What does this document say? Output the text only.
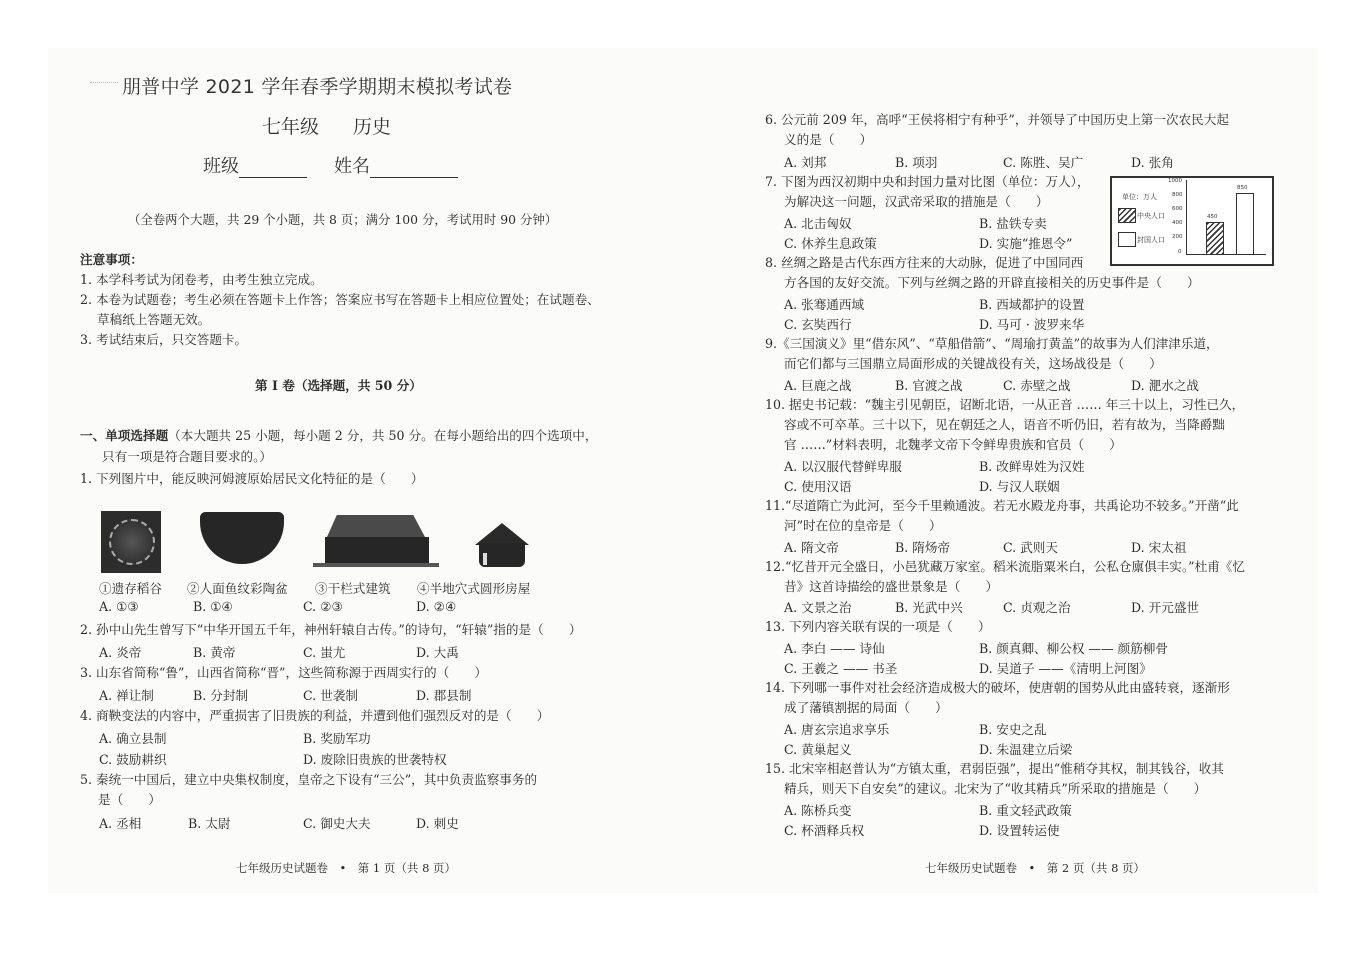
朋普中学 2021 学年春季学期期末模拟考试卷
七年级 历史
班级	姓名
（全卷两个大题，共 29 个小题，共 8 页；满分 100 分，考试用时 90 分钟）
注意事项：
1. 本学科考试为闭卷考，由考生独立完成。
2. 本卷为试题卷；考生必须在答题卡上作答；答案应书写在答题卡上相应位置处；在试题卷、
草稿纸上答题无效。
3. 考试结束后，只交答题卡。
第 I 卷（选择题，共 50 分）
一、单项选择题（本大题共 25 小题，每小题 2 分，共 50 分。在每小题给出的四个选项中，
只有一项是符合题目要求的。）
1. 下列图片中，能反映河姆渡原始居民文化特征的是（　　）
①遗存稻谷 ②人面鱼纹彩陶盆 ③干栏式建筑 ④半地穴式圆形房屋
A. ①③	B. ①④	C. ②③	D. ②④
2. 孙中山先生曾写下“中华开国五千年，神州轩辕自古传。”的诗句，“轩辕”指的是（　　）
A. 炎帝	B. 黄帝	C. 蚩尤	D. 大禹
3. 山东省简称“鲁”，山西省简称“晋”，这些简称源于西周实行的（　　）
A. 禅让制	B. 分封制	C. 世袭制	D. 郡县制
4. 商鞅变法的内容中，严重损害了旧贵族的利益，并遭到他们强烈反对的是（　　）
A. 确立县制	B. 奖励军功
C. 鼓励耕织	D. 废除旧贵族的世袭特权
5. 秦统一中国后，建立中央集权制度，皇帝之下设有“三公”，其中负责监察事务的
是（　　）
A. 丞相	B. 太尉	C. 御史大夫	D. 刺史
七年级历史试题卷　•　第 1 页（共 8 页）
6. 公元前 209 年，高呼“王侯将相宁有种乎”，并领导了中国历史上第一次农民大起
义的是（　　）
A. 刘邦	B. 项羽	C. 陈胜、吴广	D. 张角
7. 下图为西汉初期中央和封国力量对比图（单位：万人），
为解决这一问题，汉武帝采取的措施是（　　）
A. 北击匈奴	B. 盐铁专卖
C. 休养生息政策	D. 实施“推恩令”
单位：万人
中央人口
封国人口
1000
800
600
400
200
0
450
850
8. 丝绸之路是古代东西方往来的大动脉，促进了中国同西
方各国的友好交流。下列与丝绸之路的开辟直接相关的历史事件是（　　）
A. 张骞通西域	B. 西域都护的设置
C. 玄奘西行	D. 马可 · 波罗来华
9.《三国演义》里“借东风”、“草船借箭”、“周瑜打黄盖”的故事为人们津津乐道，
而它们都与三国鼎立局面形成的关键战役有关，这场战役是（　　）
A. 巨鹿之战	B. 官渡之战	C. 赤壁之战	D. 淝水之战
10. 据史书记载：“魏主引见朝臣，诏断北语，一从正音 …… 年三十以上，习性已久，
容或不可卒革。三十以下，见在朝廷之人，语音不听仍旧，若有故为，当降爵黜
官 ……”材料表明，北魏孝文帝下令鲜卑贵族和官员（　　）
A. 以汉服代替鲜卑服	B. 改鲜卑姓为汉姓
C. 使用汉语	D. 与汉人联姻
11.“尽道隋亡为此河，至今千里赖通波。若无水殿龙舟事，共禹论功不较多。”开凿“此
河”时在位的皇帝是（　　）
A. 隋文帝	B. 隋炀帝	C. 武则天	D. 宋太祖
12.“忆昔开元全盛日，小邑犹藏万家室。稻米流脂粟米白，公私仓廪俱丰实。”杜甫《忆
昔》这首诗描绘的盛世景象是（　　）
A. 文景之治	B. 光武中兴	C. 贞观之治	D. 开元盛世
13. 下列内容关联有误的一项是（　　）
A. 李白 —— 诗仙	B. 颜真卿、柳公权 —— 颜筋柳骨
C. 王羲之 —— 书圣	D. 吴道子 ——《清明上河图》
14. 下列哪一事件对社会经济造成极大的破坏，使唐朝的国势从此由盛转衰，逐渐形
成了藩镇割据的局面（　　）
A. 唐玄宗追求享乐	B. 安史之乱
C. 黄巢起义	D. 朱温建立后梁
15. 北宋宰相赵普认为“方镇太重，君弱臣强”，提出“惟稍夺其权，制其钱谷，收其
精兵，则天下自安矣”的建议。北宋为了“收其精兵”所采取的措施是（　　）
A. 陈桥兵变	B. 重文轻武政策
C. 杯酒释兵权	D. 设置转运使
七年级历史试题卷　•　第 2 页（共 8 页）
